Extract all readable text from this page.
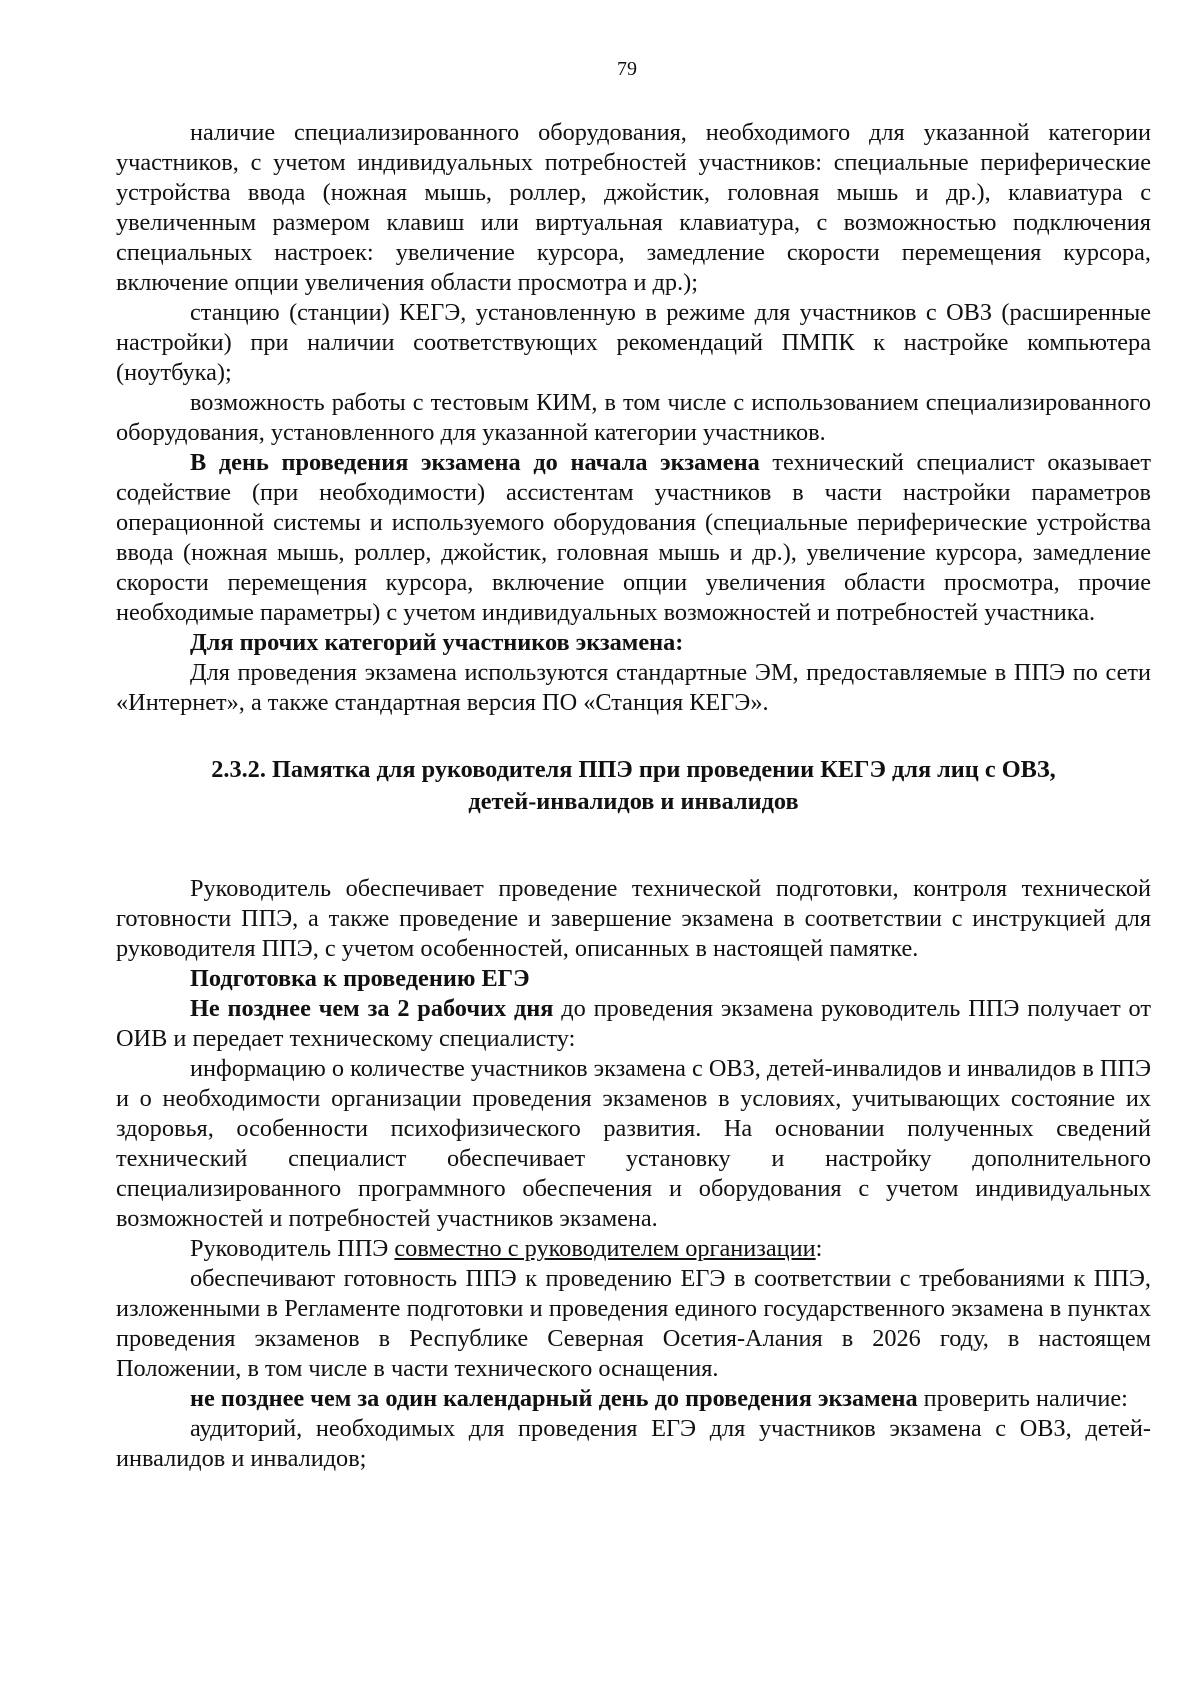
79

наличие специализированного оборудования, необходимого для указанной категории участников, с учетом индивидуальных потребностей участников: специальные периферические устройства ввода (ножная мышь, роллер, джойстик, головная мышь и др.), клавиатура с увеличенным размером клавиш или виртуальная клавиатура, с возможностью подключения специальных настроек: увеличение курсора, замедление скорости перемещения курсора, включение опции увеличения области просмотра и др.);

станцию (станции) КЕГЭ, установленную в режиме для участников с ОВЗ (расширенные настройки) при наличии соответствующих рекомендаций ПМПК к настройке компьютера (ноутбука);

возможность работы с тестовым КИМ, в том числе с использованием специализированного оборудования, установленного для указанной категории участников.

В день проведения экзамена до начала экзамена технический специалист оказывает содействие (при необходимости) ассистентам участников в части настройки параметров операционной системы и используемого оборудования (специальные периферические устройства ввода (ножная мышь, роллер, джойстик, головная мышь и др.), увеличение курсора, замедление скорости перемещения курсора, включение опции увеличения области просмотра, прочие необходимые параметры) с учетом индивидуальных возможностей и потребностей участника.

Для прочих категорий участников экзамена:

Для проведения экзамена используются стандартные ЭМ, предоставляемые в ППЭ по сети «Интернет», а также стандартная версия ПО «Станция КЕГЭ».

2.3.2. Памятка для руководителя ППЭ при проведении КЕГЭ для лиц с ОВЗ,
детей-инвалидов и инвалидов

Руководитель обеспечивает проведение технической подготовки, контроля технической готовности ППЭ, а также проведение и завершение экзамена в соответствии с инструкцией для руководителя ППЭ, с учетом особенностей, описанных в настоящей памятке.

Подготовка к проведению ЕГЭ

Не позднее чем за 2 рабочих дня до проведения экзамена руководитель ППЭ получает от ОИВ и передает техническому специалисту:

информацию о количестве участников экзамена с ОВЗ, детей-инвалидов и инвалидов в ППЭ и о необходимости организации проведения экзаменов в условиях, учитывающих состояние их здоровья, особенности психофизического развития. На основании полученных сведений технический специалист обеспечивает установку и настройку дополнительного специализированного программного обеспечения и оборудования с учетом индивидуальных возможностей и потребностей участников экзамена.

Руководитель ППЭ совместно с руководителем организации:

обеспечивают готовность ППЭ к проведению ЕГЭ в соответствии с требованиями к ППЭ, изложенными в Регламенте подготовки и проведения единого государственного экзамена в пунктах проведения экзаменов в Республике Северная Осетия-Алания в 2026 году, в настоящем Положении, в том числе в части технического оснащения.

не позднее чем за один календарный день до проведения экзамена проверить наличие:

аудиторий, необходимых для проведения ЕГЭ для участников экзамена с ОВЗ, детей-инвалидов и инвалидов;
